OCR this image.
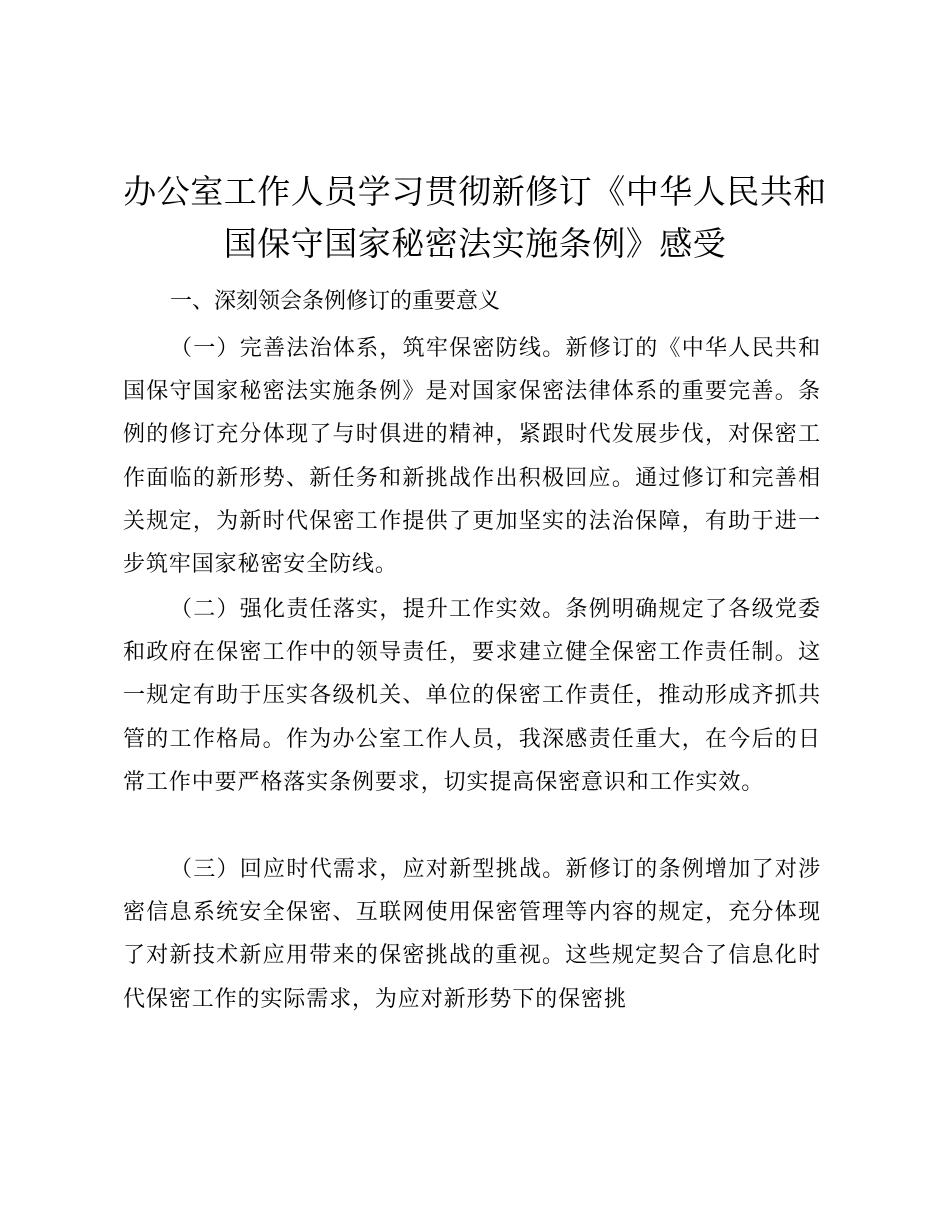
办公室工作人员学习贯彻新修订《中华人民共和国保守国家秘密法实施条例》感受
一、深刻领会条例修订的重要意义

（一）完善法治体系，筑牢保密防线。新修订的《中华人民共和国保守国家秘密法实施条例》是对国家保密法律体系的重要完善。条例的修订充分体现了与时俱进的精神，紧跟时代发展步伐，对保密工作面临的新形势、新任务和新挑战作出积极回应。通过修订和完善相关规定，为新时代保密工作提供了更加坚实的法治保障，有助于进一步筑牢国家秘密安全防线。

（二）强化责任落实，提升工作实效。条例明确规定了各级党委和政府在保密工作中的领导责任，要求建立健全保密工作责任制。这一规定有助于压实各级机关、单位的保密工作责任，推动形成齐抓共管的工作格局。作为办公室工作人员，我深感责任重大，在今后的日常工作中要严格落实条例要求，切实提高保密意识和工作实效。

（三）回应时代需求，应对新型挑战。新修订的条例增加了对涉密信息系统安全保密、互联网使用保密管理等内容的规定，充分体现了对新技术新应用带来的保密挑战的重视。这些规定契合了信息化时代保密工作的实际需求，为应对新形势下的保密挑
